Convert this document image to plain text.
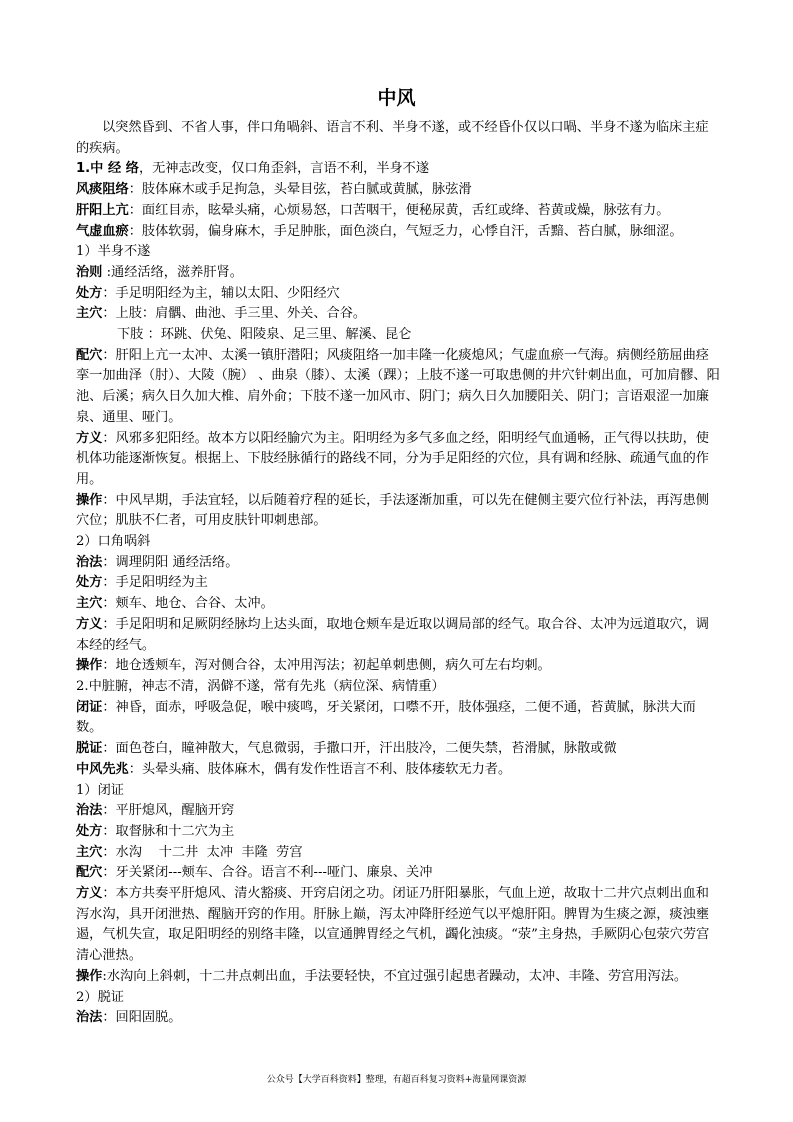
中风

以突然昏到、不省人事，伴口角喎斜、语言不利、半身不遂，或不经昏仆仅以口喎、半身不遂为临床主症的疾病。

1.中 经 络，无神志改变，仅口角歪斜，言语不利，半身不遂

风痰阻络：肢体麻木或手足拘急，头晕目弦，苔白腻或黄腻，脉弦滑

肝阳上亢：面红目赤，眩晕头痛，心烦易怒，口苦咽干，便秘尿黄，舌红或绛、苔黄或燥，脉弦有力。

气虚血瘀：肢体软弱，偏身麻木，手足肿胀，面色淡白，气短乏力，心悸自汗，舌黯、苔白腻，脉细涩。

1）半身不遂

治则 :通经活络，滋养肝肾。

处方：手足明阳经为主，辅以太阳、少阳经穴

主穴：上肢：肩髃、曲池、手三里、外关、合谷。

下肢 ：环跳、伏兔、阳陵泉、足三里、解溪、昆仑

配穴：肝阳上亢一太冲、太溪一镇肝潜阳；风痰阻络一加丰隆一化痰熄风；气虚血瘀一气海。病侧经筋屈曲痉挛一加曲泽（肘）、大陵（腕） 、曲泉（膝）、太溪（踝）；上肢不遂一可取患侧的井穴针刺出血，可加肩髎、阳池、后溪；病久日久加大椎、肩外俞；下肢不遂一加风市、阴门；病久日久加腰阳关、阴门；言语艰涩一加廉泉、通里、哑门。

方义：风邪多犯阳经。故本方以阳经腧穴为主。阳明经为多气多血之经，阳明经气血通畅，正气得以扶助，使机体功能逐渐恢复。根据上、下肢经脉循行的路线不同，分为手足阳经的穴位，具有调和经脉、疏通气血的作用。

操作：中风早期，手法宜轻，以后随着疗程的延长，手法逐渐加重，可以先在健侧主要穴位行补法，再泻患侧穴位；肌肤不仁者，可用皮肤针叩刺患部。

2）口角㖞斜

治法：调理阴阳 通经活络。

处方：手足阳明经为主

主穴：颊车、地仓、合谷、太冲。

方义：手足阳明和足厥阴经脉均上达头面，取地仓颊车是近取以调局部的经气。取合谷、太冲为远道取穴，调本经的经气。

操作：地仓透颊车，泻对侧合谷，太冲用泻法；初起单刺患侧，病久可左右均刺。

2.中脏腑，神志不清，涡僻不遂，常有先兆（病位深、病情重）

闭证：神昏，面赤，呼吸急促，喉中痰鸣，牙关紧闭，口噤不开，肢体强痉，二便不通，苔黄腻，脉洪大而数。

脱证：面色苍白，瞳神散大，气息微弱，手撒口开，汗出肢冷，二便失禁，苔滑腻，脉散或微

中风先兆：头晕头痛、肢体麻木，偶有发作性语言不利、肢体痿软无力者。

1）闭证

治法：平肝熄风，醒脑开窍

处方：取督脉和十二穴为主

主穴：水沟    十二井  太冲  丰隆  劳宫

配穴：牙关紧闭---颊车、合谷。语言不利---哑门、廉泉、关冲

方义：本方共奏平肝熄风、清火豁痰、开窍启闭之功。闭证乃肝阳暴胀，气血上逆，故取十二井穴点刺出血和泻水沟，具开闭泄热、醒脑开窍的作用。肝脉上巅，泻太冲降肝经逆气以平熄肝阳。脾胃为生痰之源，痰浊壅遏，气机失宣，取足阳明经的别络丰隆，以宣通脾胃经之气机，蠲化浊痰。“荥”主身热，手厥阴心包荥穴劳宫清心泄热。

操作:水沟向上斜刺，十二井点刺出血，手法要轻快，不宜过强引起患者躁动，太冲、丰隆、劳宫用泻法。

2）脱证

治法：回阳固脱。

公众号【大学百科资料】整理，有超百科复习资料+海量网课资源
